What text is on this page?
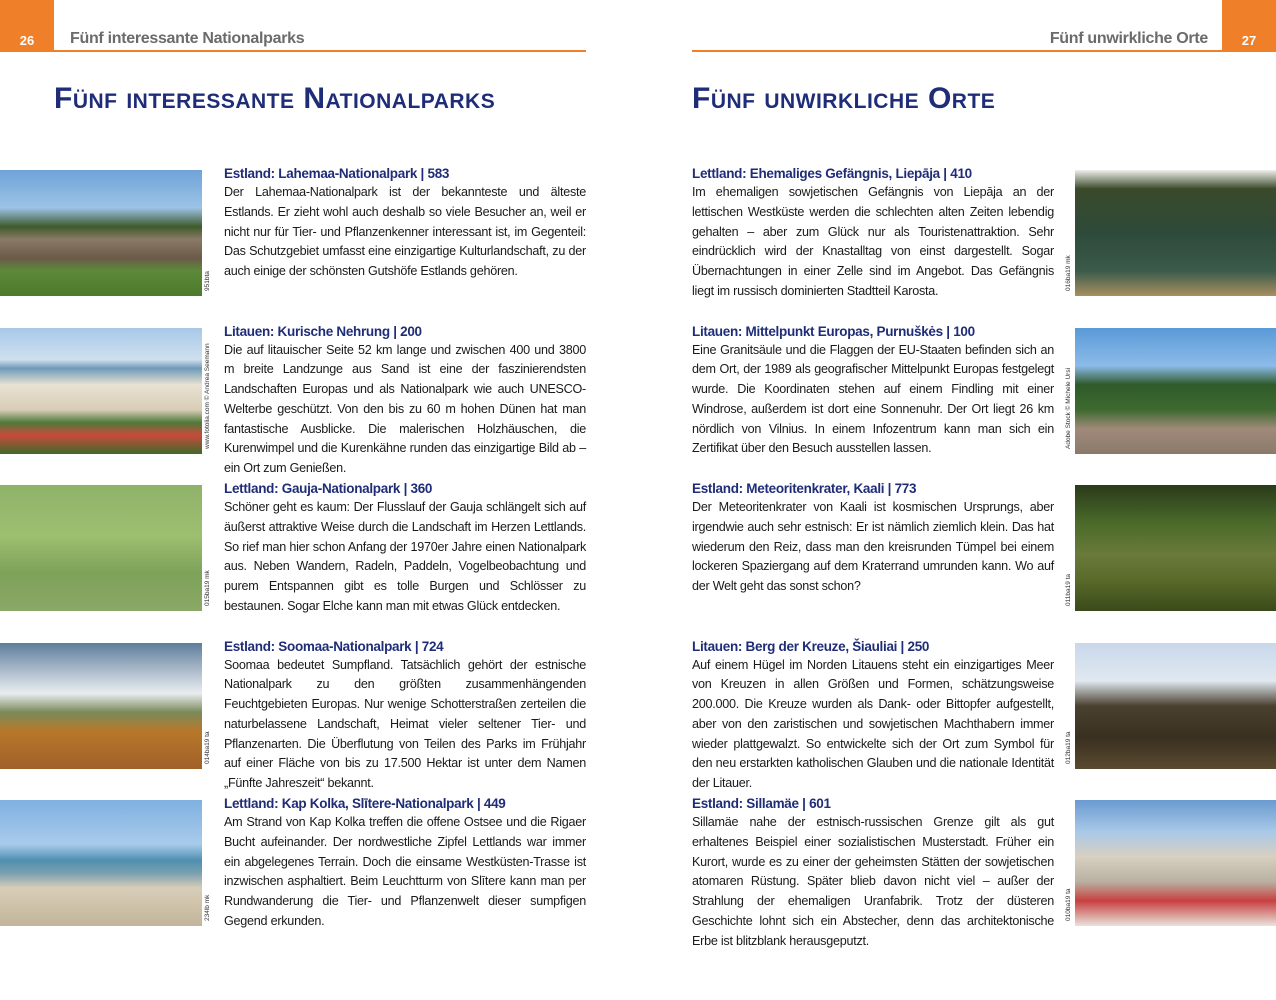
26	Fünf interessante Nationalparks
Fünf interessante Nationalparks
951bta
Estland: Lahemaa-Nationalpark | 583
Der Lahemaa-Nationalpark ist der bekannteste und älteste Estlands. Er zieht wohl auch deshalb so viele Besucher an, weil er nicht nur für Tier- und Pflanzenkenner interessant ist, im Gegenteil: Das Schutzgebiet umfasst eine einzigartige Kulturlandschaft, zu der auch einige der schönsten Gutshöfe Estlands gehören.
www.fotolia.com © Andrea Seemann
Litauen: Kurische Nehrung | 200
Die auf litauischer Seite 52 km lange und zwischen 400 und 3800 m breite Landzunge aus Sand ist eine der faszinierendsten Landschaften Europas und als Nationalpark wie auch UNESCO-Welterbe geschützt. Von den bis zu 60 m hohen Dünen hat man fantastische Ausblicke. Die malerischen Holzhäuschen, die Kurenwimpel und die Kurenkähne runden das einzigartige Bild ab – ein Ort zum Genießen.
015ba19 mk
Lettland: Gauja-Nationalpark | 360
Schöner geht es kaum: Der Flusslauf der Gauja schlängelt sich auf äußerst attraktive Weise durch die Landschaft im Herzen Lettlands. So rief man hier schon Anfang der 1970er Jahre einen Nationalpark aus. Neben Wandern, Radeln, Paddeln, Vogelbeobachtung und purem Entspannen gibt es tolle Burgen und Schlösser zu bestaunen. Sogar Elche kann man mit etwas Glück entdecken.
014ba19 ta
Estland: Soomaa-Nationalpark | 724
Soomaa bedeutet Sumpfland. Tatsächlich gehört der estnische Nationalpark zu den größten zusammenhängenden Feuchtgebieten Europas. Nur wenige Schotterstraßen zerteilen die naturbelassene Landschaft, Heimat vieler seltener Tier- und Pflanzenarten. Die Überflutung von Teilen des Parks im Frühjahr auf einer Fläche von bis zu 17.500 Hektar ist unter dem Namen „Fünfte Jahreszeit“ bekannt.
234lb mk
Lettland: Kap Kolka, Slītere-Nationalpark | 449
Am Strand von Kap Kolka treffen die offene Ostsee und die Rigaer Bucht aufeinander. Der nordwestliche Zipfel Lettlands war immer ein abgelegenes Terrain. Doch die einsame Westküsten-Trasse ist inzwischen asphaltiert. Beim Leuchtturm von Slītere kann man per Rundwanderung die Tier- und Pflanzenwelt dieser sumpfigen Gegend erkunden.
27
Fünf unwirkliche Orte
Fünf unwirkliche Orte
016ba19 mk
Lettland: Ehemaliges Gefängnis, Liepāja | 410
Im ehemaligen sowjetischen Gefängnis von Liepāja an der lettischen Westküste werden die schlechten alten Zeiten lebendig gehalten – aber zum Glück nur als Touristenattraktion. Sehr eindrücklich wird der Knastalltag von einst dargestellt. Sogar Übernachtungen in einer Zelle sind im Angebot. Das Gefängnis liegt im russisch dominierten Stadtteil Karosta.
Adobe Stock © Michele Ursi
Litauen: Mittelpunkt Europas, Purnuškės | 100
Eine Granitsäule und die Flaggen der EU-Staaten befinden sich an dem Ort, der 1989 als geografischer Mittelpunkt Europas festgelegt wurde. Die Koordinaten stehen auf einem Findling mit einer Windrose, außerdem ist dort eine Sonnenuhr. Der Ort liegt 26 km nördlich von Vilnius. In einem Infozentrum kann man sich ein Zertifikat über den Besuch ausstellen lassen.
011ba19 ta
Estland: Meteoritenkrater, Kaali | 773
Der Meteoritenkrater von Kaali ist kosmischen Ursprungs, aber irgendwie auch sehr estnisch: Er ist nämlich ziemlich klein. Das hat wiederum den Reiz, dass man den kreisrunden Tümpel bei einem lockeren Spaziergang auf dem Kraterrand umrunden kann. Wo auf der Welt geht das sonst schon?
012ba19 ta
Litauen: Berg der Kreuze, Šiauliai | 250
Auf einem Hügel im Norden Litauens steht ein einzigartiges Meer von Kreuzen in allen Größen und Formen, schätzungsweise 200.000. Die Kreuze wurden als Dank- oder Bittopfer aufgestellt, aber von den zaristischen und sowjetischen Machthabern immer wieder plattgewalzt. So entwickelte sich der Ort zum Symbol für den neu erstarkten katholischen Glauben und die nationale Identität der Litauer.
010ba19 ta
Estland: Sillamäe | 601
Sillamäe nahe der estnisch-russischen Grenze gilt als gut erhaltenes Beispiel einer sozialistischen Musterstadt. Früher ein Kurort, wurde es zu einer der geheimsten Stätten der sowjetischen atomaren Rüstung. Später blieb davon nicht viel – außer der Strahlung der ehemaligen Uranfabrik. Trotz der düsteren Geschichte lohnt sich ein Abstecher, denn das architektonische Erbe ist blitzblank herausgeputzt.
